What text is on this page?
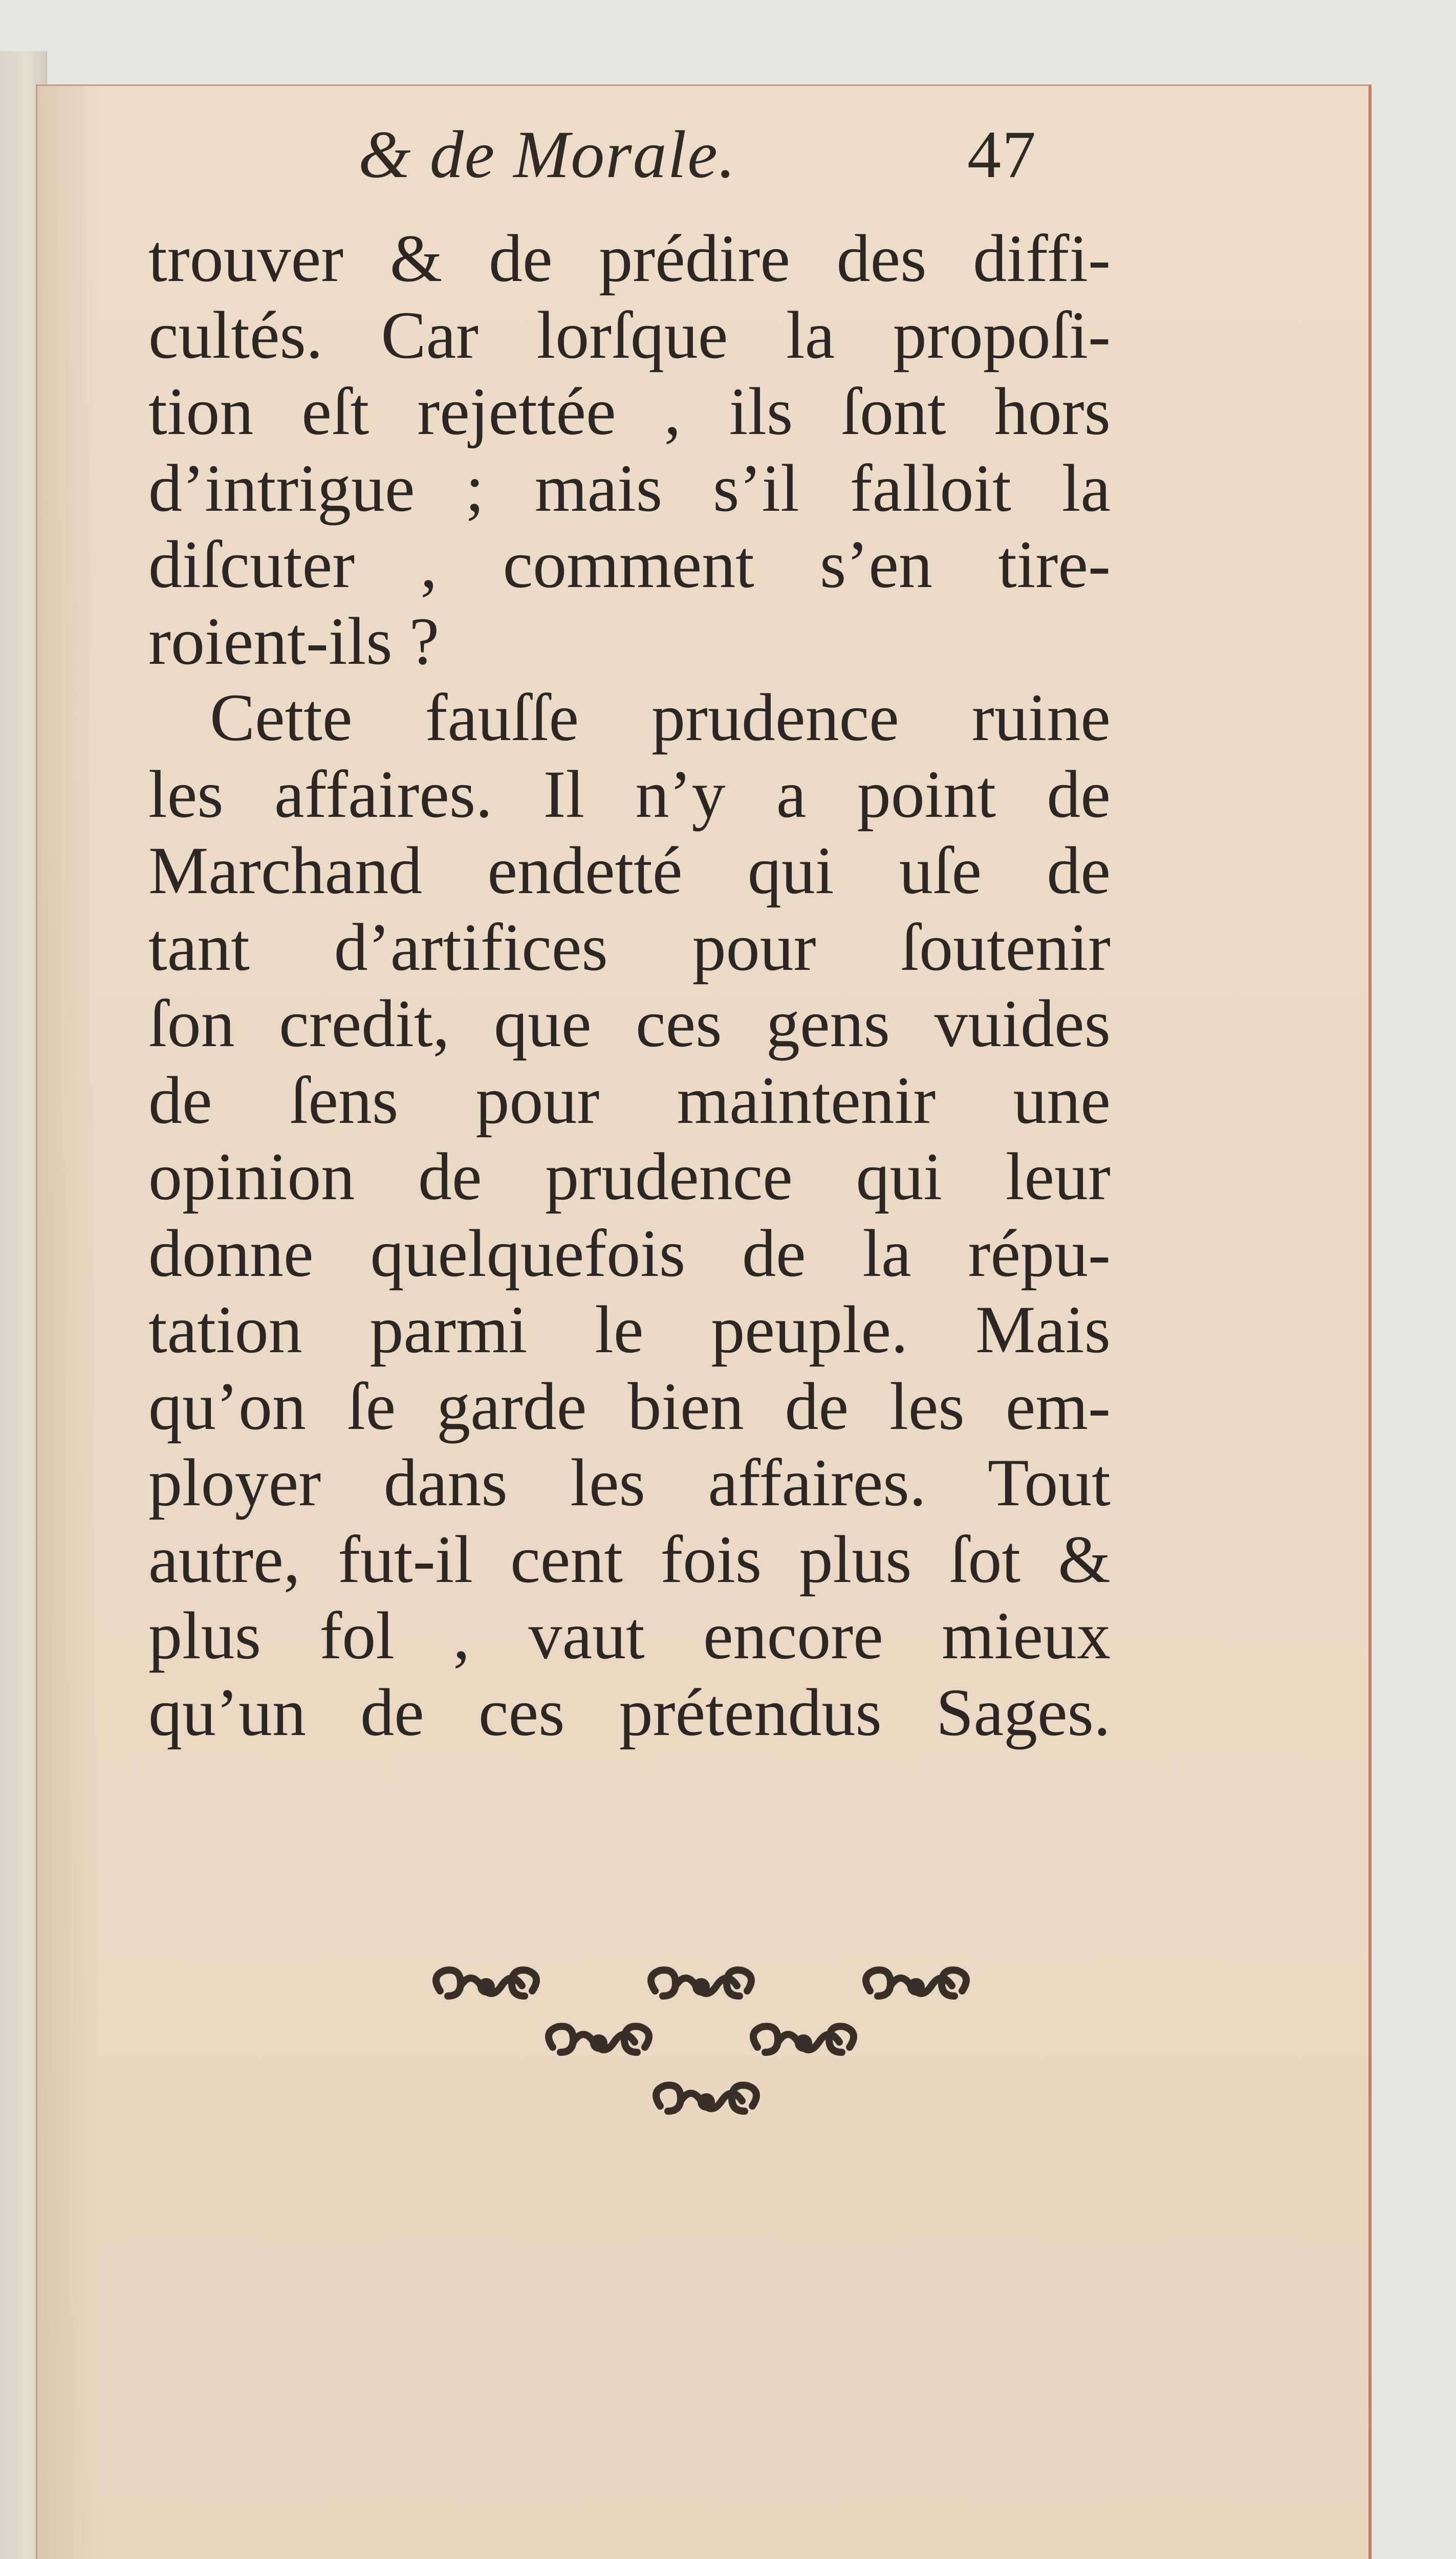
& de Morale.	47
trouver & de prédire des diffi-
cultés. Car lorſque la propoſi-
tion eſt rejettée , ils ſont hors
d’intrigue ; mais s’il falloit la
diſcuter , comment s’en tire-
roient-ils ?
Cette fauſſe prudence ruine
les affaires. Il n’y a point de
Marchand endetté qui uſe de
tant d’artifices pour ſoutenir
ſon credit, que ces gens vuides
de ſens pour maintenir une
opinion de prudence qui leur
donne quelquefois de la répu-
tation parmi le peuple. Mais
qu’on ſe garde bien de les em-
ployer dans les affaires. Tout
autre, fut-il cent fois plus ſot &
plus fol , vaut encore mieux
qu’un de ces prétendus Sages.
